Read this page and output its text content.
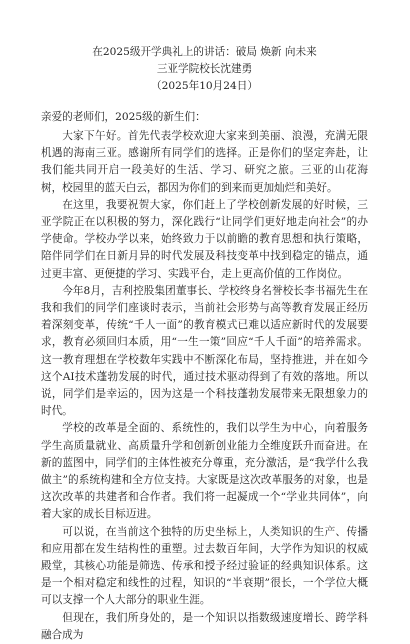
在2025级开学典礼上的讲话：破局 焕新 向未来

三亚学院校长沈建勇

（2025年10月24日）

亲爱的老师们，2025级的新生们：

大家下午好。首先代表学校欢迎大家来到美丽、浪漫，充满无限机遇的海南三亚。感谢所有同学们的选择。正是你们的坚定奔赴，让我们能共同开启一段美好的生活、学习、研究之旅。三亚的山花海树，校园里的蓝天白云，都因为你们的到来而更加灿烂和美好。

在这里，我要祝贺大家，你们赶上了学校创新发展的好时候，三亚学院正在以积极的努力，深化践行“让同学们更好地走向社会”的办学使命。学校办学以来，始终致力于以前瞻的教育思想和执行策略，陪伴同学们在日新月异的时代发展及科技变革中找到稳定的锚点，通过更丰富、更便捷的学习、实践平台，走上更高价值的工作岗位。

今年8月，吉利控股集团董事长、学校终身名誉校长李书福先生在我和我们的同学们座谈时表示，当前社会形势与高等教育发展正经历着深刻变革，传统“千人一面”的教育模式已难以适应新时代的发展要求，教育必须回归本质，用“一生一策”回应“千人千面”的培养需求。这一教育理想在学校数年实践中不断深化布局，坚持推进，并在如今这个AI技术蓬勃发展的时代，通过技术驱动得到了有效的落地。所以说，同学们是幸运的，因为这是一个科技蓬勃发展带来无限想象力的时代。

学校的改革是全面的、系统性的，我们以学生为中心，向着服务学生高质量就业、高质量升学和创新创业能力全维度跃升而奋进。在新的蓝图中，同学们的主体性被充分尊重，充分激活，是“我学什么我做主”的系统构建和全方位支持。大家既是这次改革服务的对象，也是这次改革的共建者和合作者。我们将一起凝成一个“学业共同体”，向着大家的成长目标迈进。

可以说，在当前这个独特的历史坐标上，人类知识的生产、传播和应用都在发生结构性的重塑。过去数百年间，大学作为知识的权威殿堂，其核心功能是筛选、传承和授予经过验证的经典知识体系。这是一个相对稳定和线性的过程，知识的“半衰期”很长，一个学位大概可以支撑一个人大部分的职业生涯。

但现在，我们所身处的，是一个知识以指数级速度增长、跨学科融合成为
